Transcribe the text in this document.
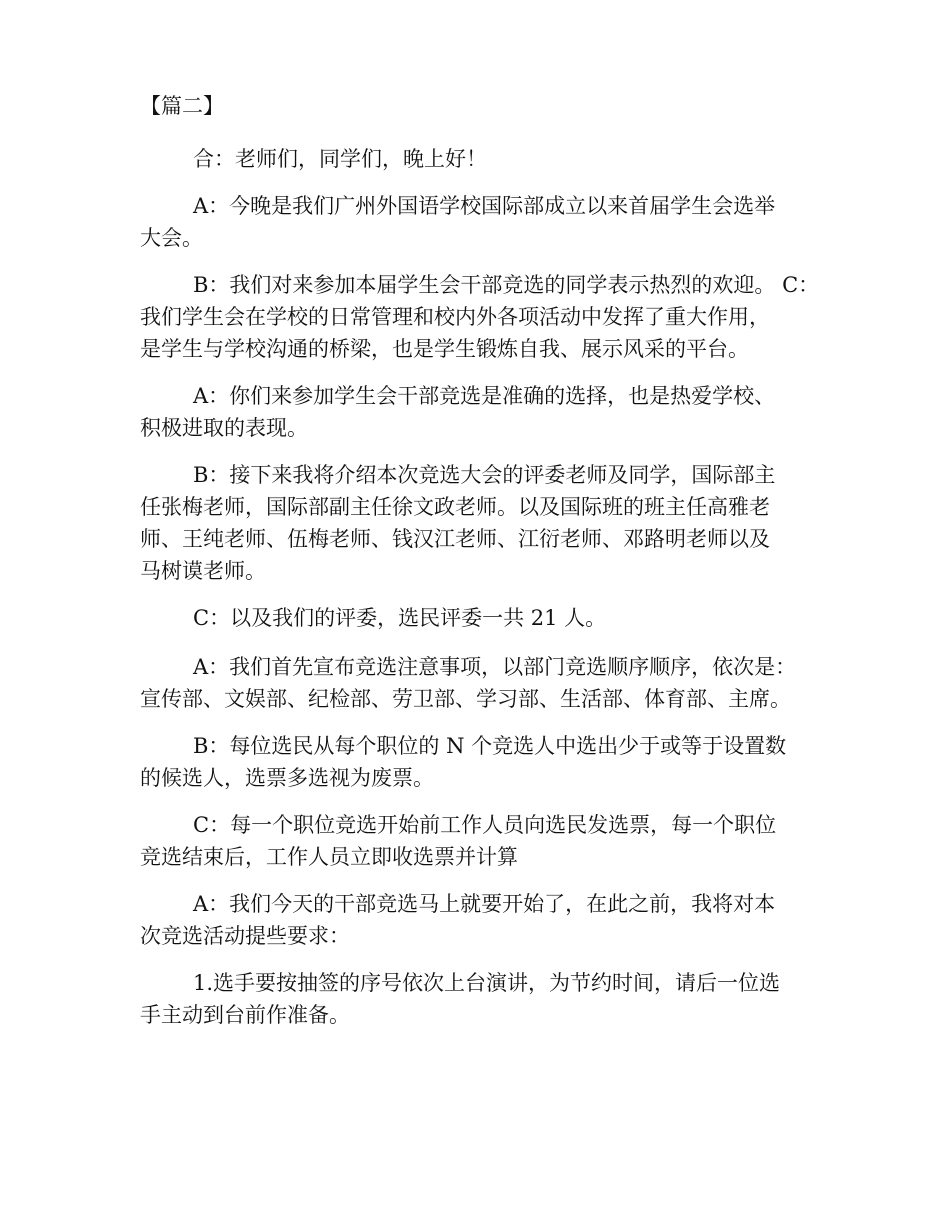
【篇二】
合：老师们，同学们，晚上好！
A：今晚是我们广州外国语学校国际部成立以来首届学生会选举
大会。
B：我们对来参加本届学生会干部竞选的同学表示热烈的欢迎。 C：
我们学生会在学校的日常管理和校内外各项活动中发挥了重大作用，
是学生与学校沟通的桥梁，也是学生锻炼自我、展示风采的平台。
A：你们来参加学生会干部竞选是准确的选择，也是热爱学校、
积极进取的表现。
B：接下来我将介绍本次竞选大会的评委老师及同学，国际部主
任张梅老师，国际部副主任徐文政老师。以及国际班的班主任高雅老
师、王纯老师、伍梅老师、钱汉江老师、江衍老师、邓路明老师以及
马树谟老师。
C：以及我们的评委，选民评委一共 21 人。
A：我们首先宣布竞选注意事项，以部门竞选顺序顺序，依次是：
宣传部、文娱部、纪检部、劳卫部、学习部、生活部、体育部、主席。
B：每位选民从每个职位的 N 个竞选人中选出少于或等于设置数
的候选人，选票多选视为废票。
C：每一个职位竞选开始前工作人员向选民发选票，每一个职位
竞选结束后，工作人员立即收选票并计算
A：我们今天的干部竞选马上就要开始了，在此之前，我将对本
次竞选活动提些要求：
1.选手要按抽签的序号依次上台演讲，为节约时间，请后一位选
手主动到台前作准备。
